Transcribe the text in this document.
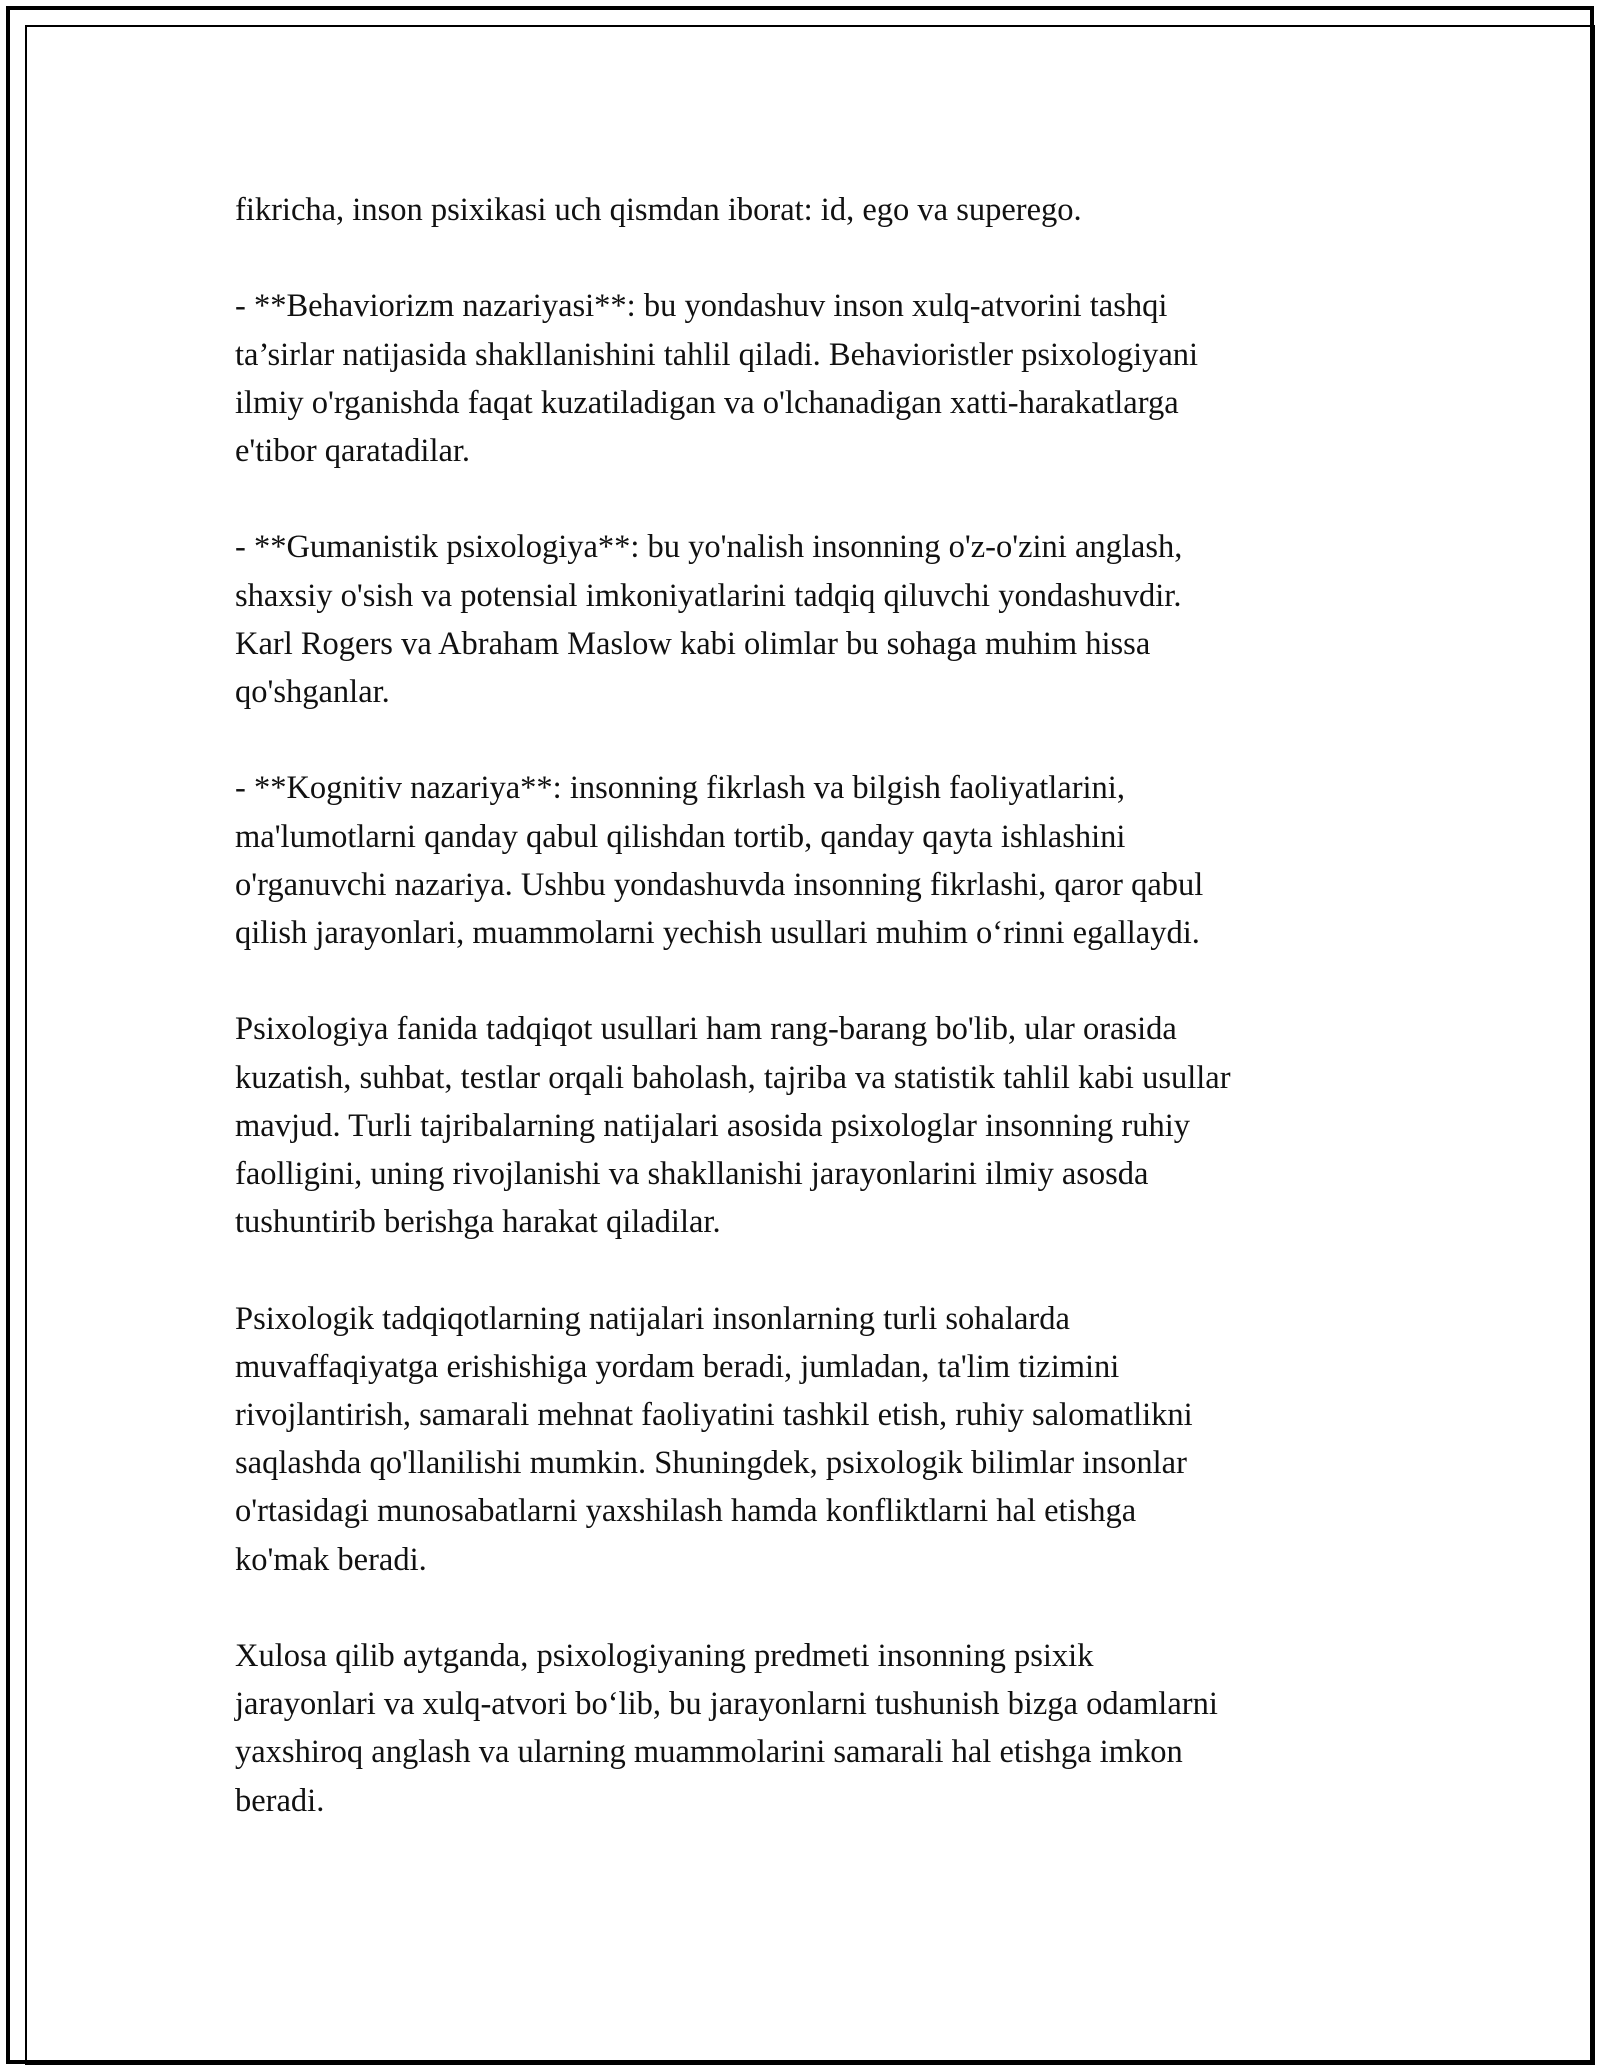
fikricha, inson psixikasi uch qismdan iborat: id, ego va superego.

- **Behaviorizm nazariyasi**: bu yondashuv inson xulq-atvorini tashqi
ta’sirlar natijasida shakllanishini tahlil qiladi. Behavioristler psixologiyani
ilmiy o'rganishda faqat kuzatiladigan va o'lchanadigan xatti-harakatlarga
e'tibor qaratadilar.

- **Gumanistik psixologiya**: bu yo'nalish insonning o'z-o'zini anglash,
shaxsiy o'sish va potensial imkoniyatlarini tadqiq qiluvchi yondashuvdir.
Karl Rogers va Abraham Maslow kabi olimlar bu sohaga muhim hissa
qo'shganlar.

- **Kognitiv nazariya**: insonning fikrlash va bilgish faoliyatlarini,
ma'lumotlarni qanday qabul qilishdan tortib, qanday qayta ishlashini
o'rganuvchi nazariya. Ushbu yondashuvda insonning fikrlashi, qaror qabul
qilish jarayonlari, muammolarni yechish usullari muhim o‘rinni egallaydi.

Psixologiya fanida tadqiqot usullari ham rang-barang bo'lib, ular orasida
kuzatish, suhbat, testlar orqali baholash, tajriba va statistik tahlil kabi usullar
mavjud. Turli tajribalarning natijalari asosida psixologlar insonning ruhiy
faolligini, uning rivojlanishi va shakllanishi jarayonlarini ilmiy asosda
tushuntirib berishga harakat qiladilar.

Psixologik tadqiqotlarning natijalari insonlarning turli sohalarda
muvaffaqiyatga erishishiga yordam beradi, jumladan, ta'lim tizimini
rivojlantirish, samarali mehnat faoliyatini tashkil etish, ruhiy salomatlikni
saqlashda qo'llanilishi mumkin. Shuningdek, psixologik bilimlar insonlar
o'rtasidagi munosabatlarni yaxshilash hamda konfliktlarni hal etishga
ko'mak beradi.

Xulosa qilib aytganda, psixologiyaning predmeti insonning psixik
jarayonlari va xulq-atvori bo‘lib, bu jarayonlarni tushunish bizga odamlarni
yaxshiroq anglash va ularning muammolarini samarali hal etishga imkon
beradi.
